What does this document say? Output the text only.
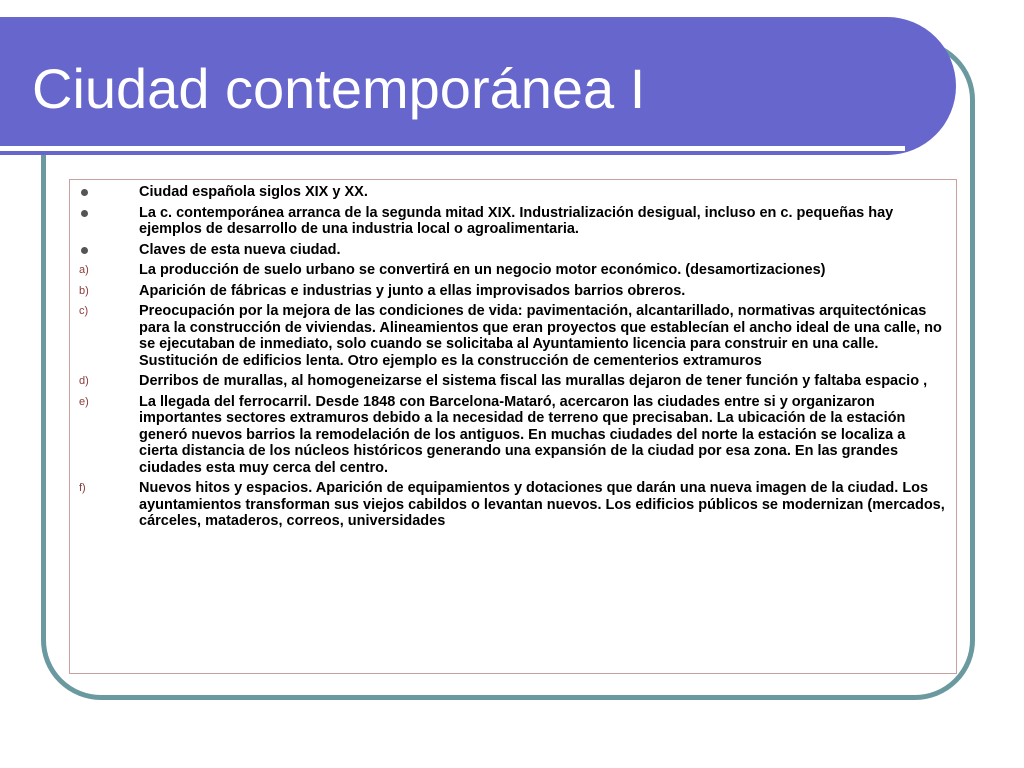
Ciudad contemporánea I
Ciudad española siglos XIX y XX.
La c. contemporánea arranca de la segunda mitad XIX. Industrialización desigual, incluso en c. pequeñas hay ejemplos de desarrollo de una industria local o agroalimentaria.
Claves de esta nueva ciudad.
a)	La producción de suelo urbano se convertirá en un negocio motor económico. (desamortizaciones)
b)	Aparición de fábricas e industrias y junto a ellas improvisados barrios obreros.
c)	Preocupación por la mejora de las condiciones de vida: pavimentación, alcantarillado, normativas arquitectónicas para la construcción de viviendas. Alineamientos que eran proyectos que establecían el ancho ideal de una calle, no se ejecutaban de inmediato, solo cuando se solicitaba al Ayuntamiento licencia para construir en una calle. Sustitución de edificios lenta. Otro ejemplo es la construcción de cementerios extramuros
d)	Derribos de murallas, al homogeneizarse el sistema fiscal las murallas dejaron de tener función y faltaba espacio ,
e)	La llegada del ferrocarril. Desde 1848 con Barcelona-Mataró, acercaron las ciudades entre si y organizaron importantes sectores extramuros debido a la necesidad de terreno que precisaban. La ubicación de la estación generó nuevos barrios la remodelación de los antiguos. En muchas ciudades del norte la estación se localiza a cierta distancia de los núcleos históricos generando una expansión de la ciudad por esa zona. En las grandes ciudades esta muy cerca del centro.
f)	Nuevos hitos y espacios. Aparición de equipamientos y dotaciones que darán una nueva imagen de la ciudad. Los ayuntamientos transforman sus viejos cabildos o levantan nuevos. Los edificios públicos se modernizan (mercados, cárceles, mataderos, correos, universidades
